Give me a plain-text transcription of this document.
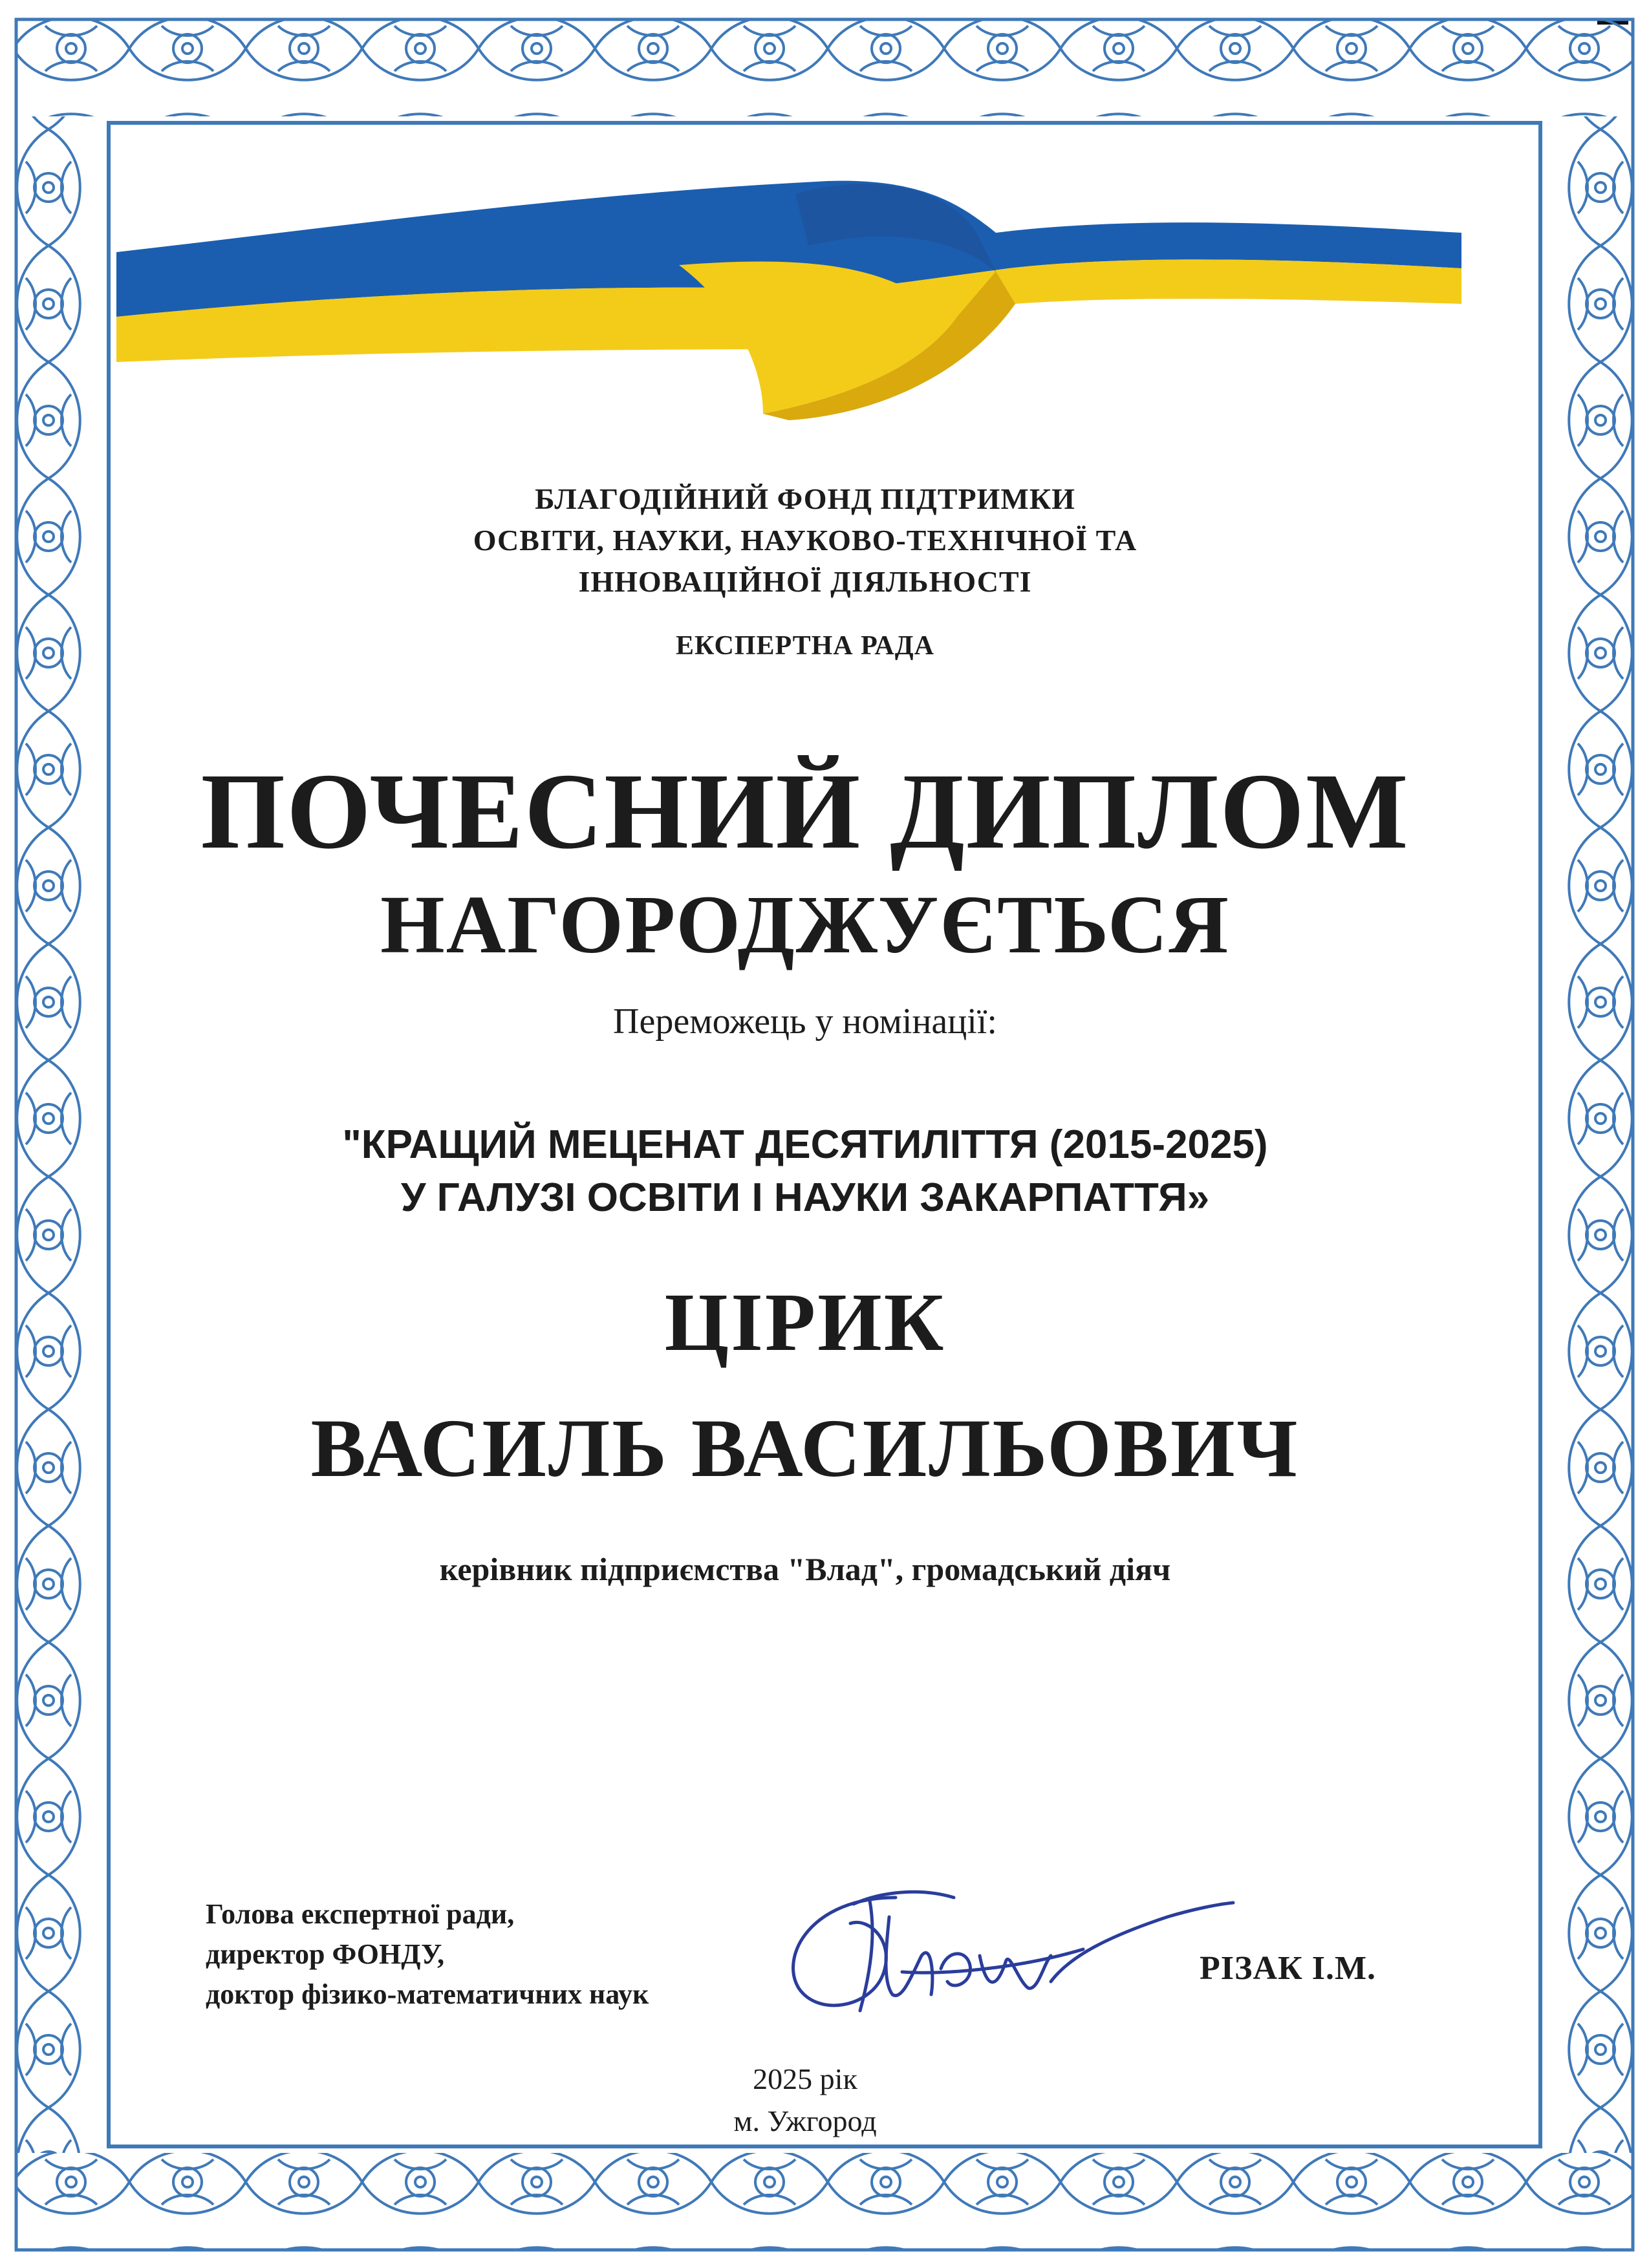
БЛАГОДІЙНИЙ ФОНД ПІДТРИМКИ
ОСВІТИ, НАУКИ, НАУКОВО-ТЕХНІЧНОЇ ТА
ІННОВАЦІЙНОЇ ДІЯЛЬНОСТІ
ЕКСПЕРТНА РАДА
ПОЧЕСНИЙ ДИПЛОМ
НАГОРОДЖУЄТЬСЯ
Переможець у номінації:
"КРАЩИЙ МЕЦЕНАТ ДЕСЯТИЛІТТЯ (2015-2025)
У ГАЛУЗІ ОСВІТИ І НАУКИ ЗАКАРПАТТЯ»
ЦІРИК
ВАСИЛЬ ВАСИЛЬОВИЧ
керівник підприємства "Влад", громадський діяч
Голова експертної ради,
директор ФОНДУ,
доктор фізико-математичних наук
РІЗАК І.М.
2025 рік
м. Ужгород
